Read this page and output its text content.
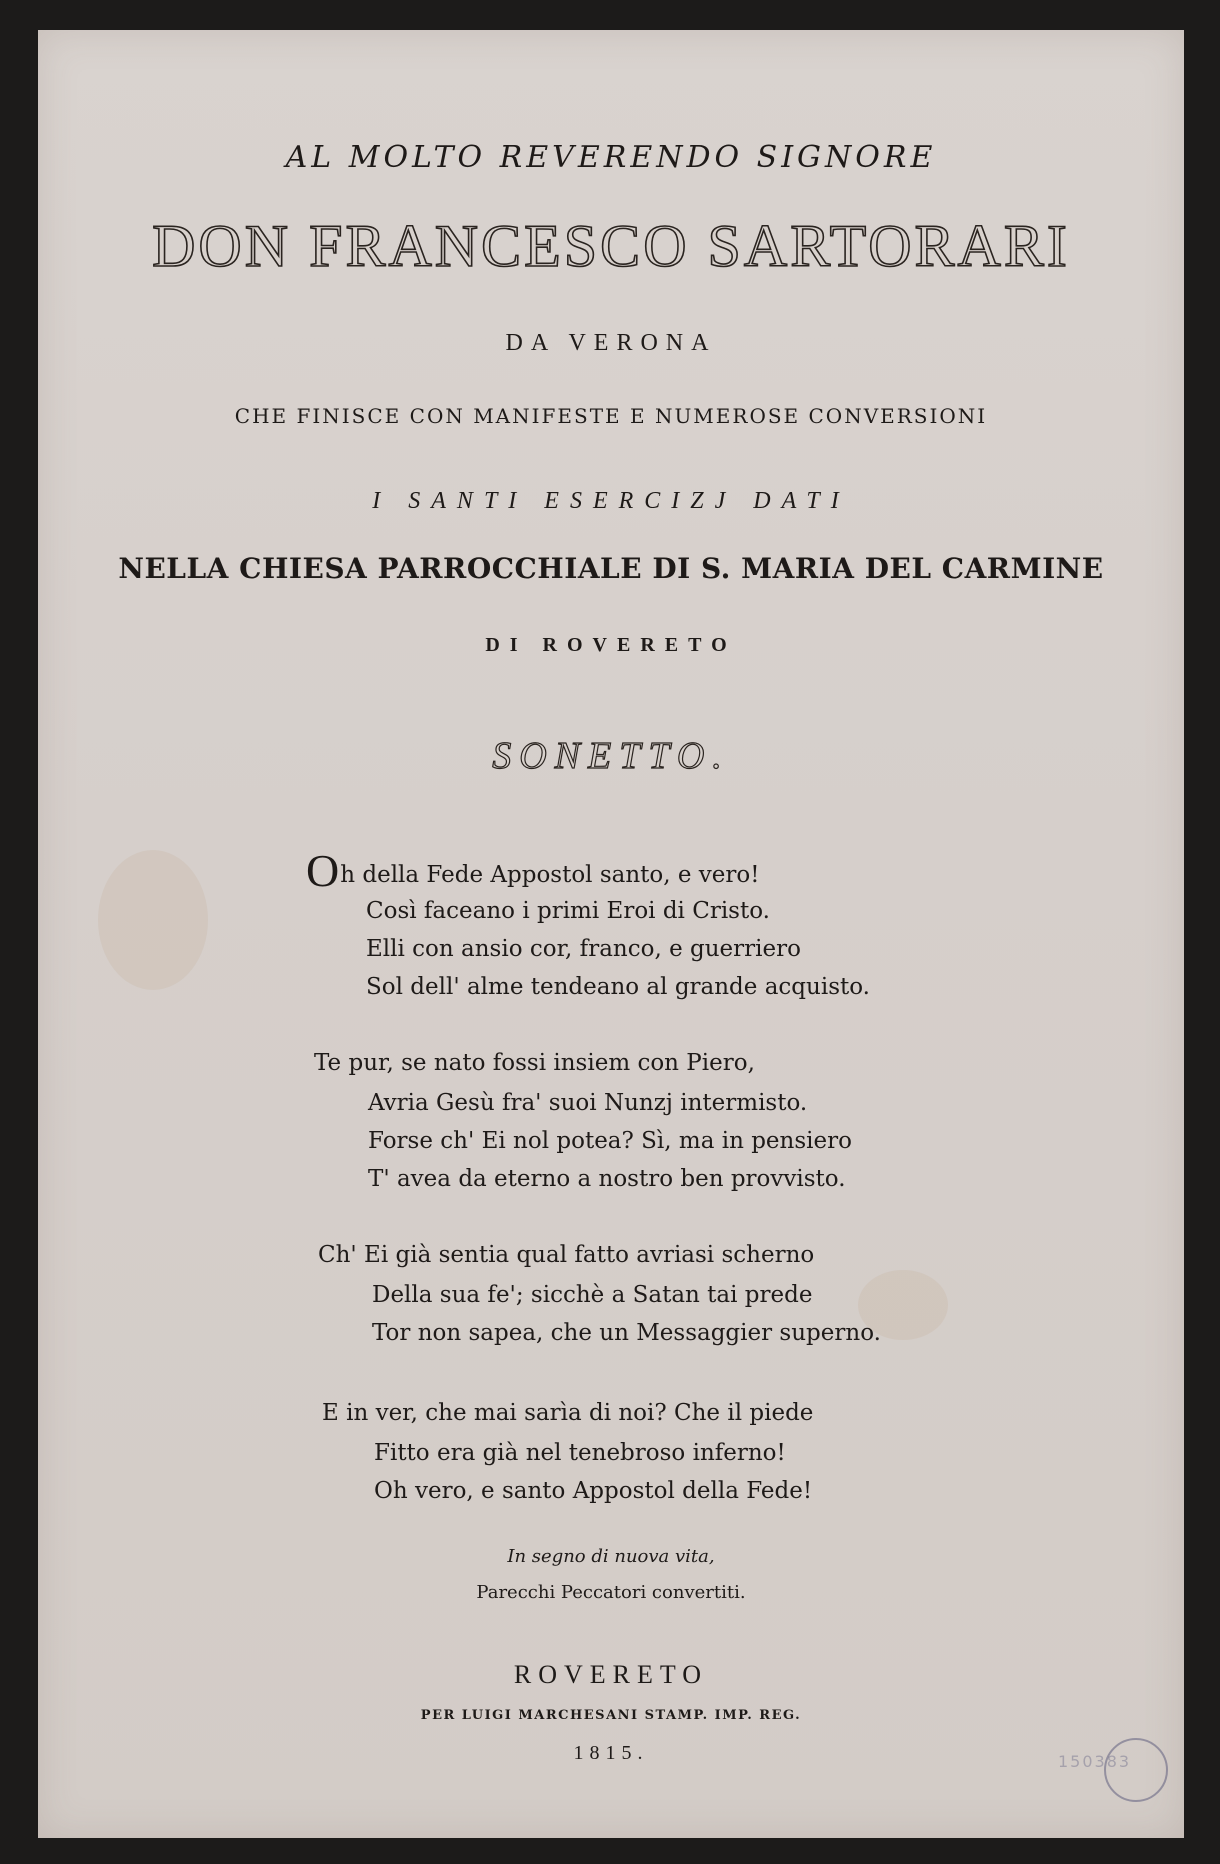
AL MOLTO REVERENDO SIGNORE
DON FRANCESCO SARTORARI
DA VERONA
CHE FINISCE CON MANIFESTE E NUMEROSE CONVERSIONI
I SANTI ESERCIZJ DATI
NELLA CHIESA PARROCCHIALE DI S. MARIA DEL CARMINE
DI ROVERETO
SONETTO.
Oh della Fede Appostol santo, e vero!
Così faceano i primi Eroi di Cristo.
Elli con ansio cor, franco, e guerriero
Sol dell' alme tendeano al grande acquisto.
Te pur, se nato fossi insiem con Piero,
Avria Gesù fra' suoi Nunzj intermisto.
Forse ch' Ei nol potea? Sì, ma in pensiero
T' avea da eterno a nostro ben provvisto.
Ch' Ei già sentia qual fatto avriasi scherno
Della sua fe'; sicchè a Satan tai prede
Tor non sapea, che un Messaggier superno.
E in ver, che mai sarìa di noi? Che il piede
Fitto era già nel tenebroso inferno!
Oh vero, e santo Appostol della Fede!
In segno di nuova vita,
Parecchi Peccatori convertiti.
ROVERETO
PER LUIGI MARCHESANI STAMP. IMP. REG.
1815.	150383
